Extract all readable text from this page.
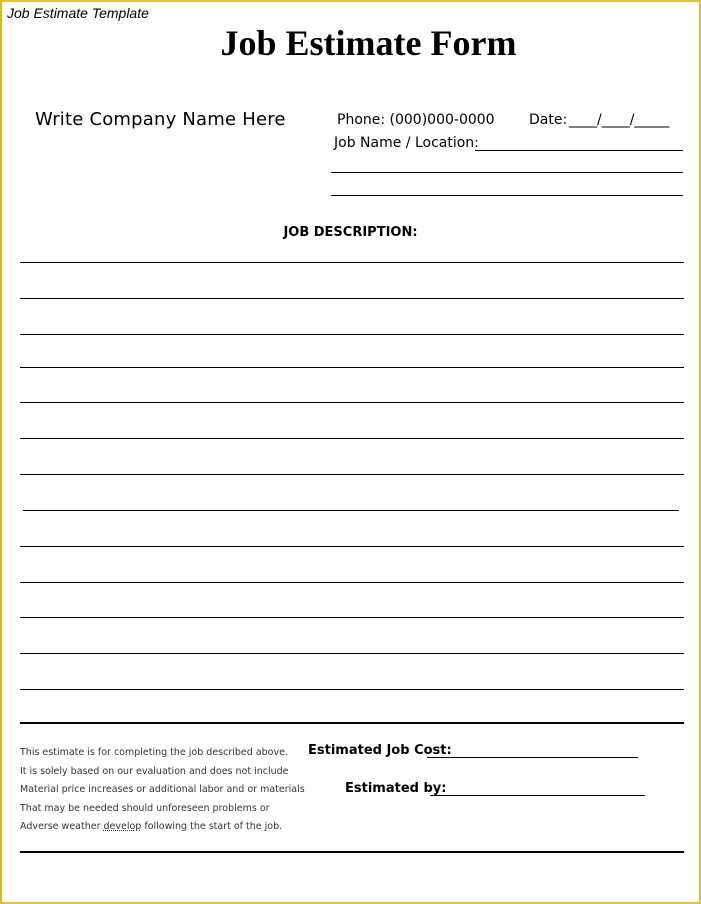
Job Estimate Template
Job Estimate Form
Write Company Name Here	Phone: (000)000-0000 Date: ____/____/_____
Job Name / Location:
JOB DESCRIPTION:
This estimate is for completing the job described above.
It is solely based on our evaluation and does not include
Material price increases or additional labor and or materials
That may be needed should unforeseen problems or
Adverse weather develop following the start of the job.
Estimated Job Cost:
Estimated by:
